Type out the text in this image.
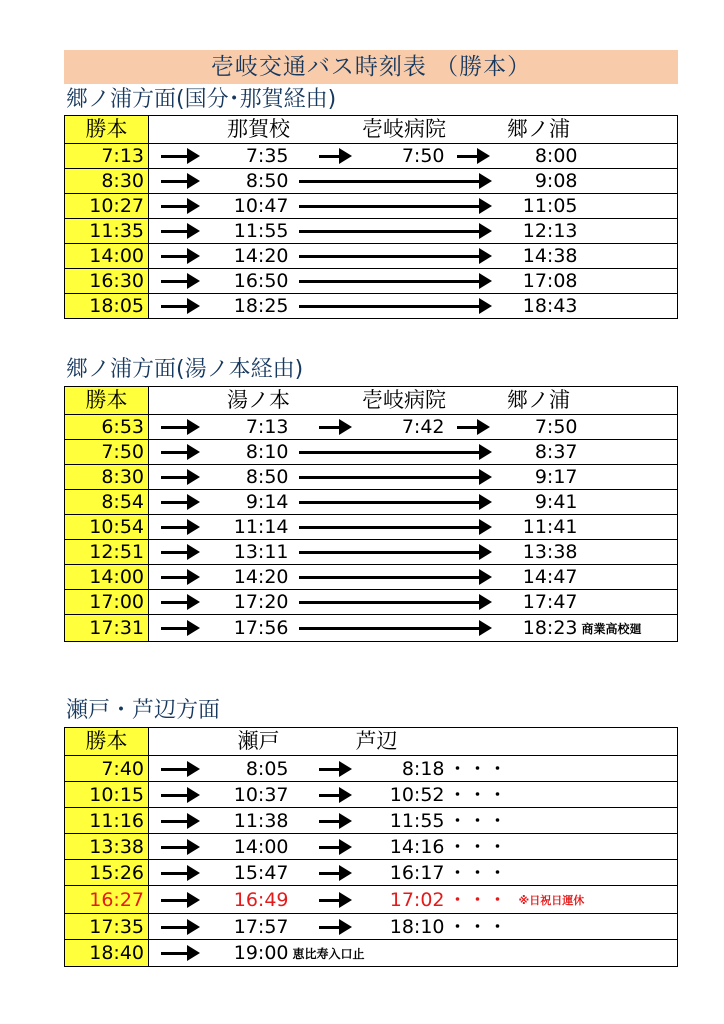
壱岐交通バス時刻表 （勝本）
郷ノ浦方面(国分･那賀経由)
勝本		那賀校		壱岐病院			郷ノ浦	
7:13		7:35			7:50		8:00	
8:30		8:50					9:08	
10:27		10:47					11:05	
11:35		11:55					12:13	
14:00		14:20					14:38	
16:30		16:50					17:08	
18:05		18:25					18:43	
郷ノ浦方面(湯ノ本経由)
勝本		湯ノ本		壱岐病院			郷ノ浦	
6:53		7:13			7:42		7:50	
7:50		8:10					8:37	
8:30		8:50					9:17	
8:54		9:14					9:41	
10:54		11:14					11:41	
12:51		13:11					13:38	
14:00		14:20					14:47	
17:00		17:20					17:47	
17:31		17:56					18:23	商業高校廻
瀬戸・芦辺方面
勝本		瀬戸		芦辺			
7:40		8:05			8:18	・・・	
10:15		10:37			10:52	・・・	
11:16		11:38			11:55	・・・	
13:38		14:00			14:16	・・・	
15:26		15:47			16:17	・・・	
16:27		16:49			17:02	・・・	※日祝日運休
17:35		17:57			18:10	・・・	
18:40		19:00	恵比寿入口止				
